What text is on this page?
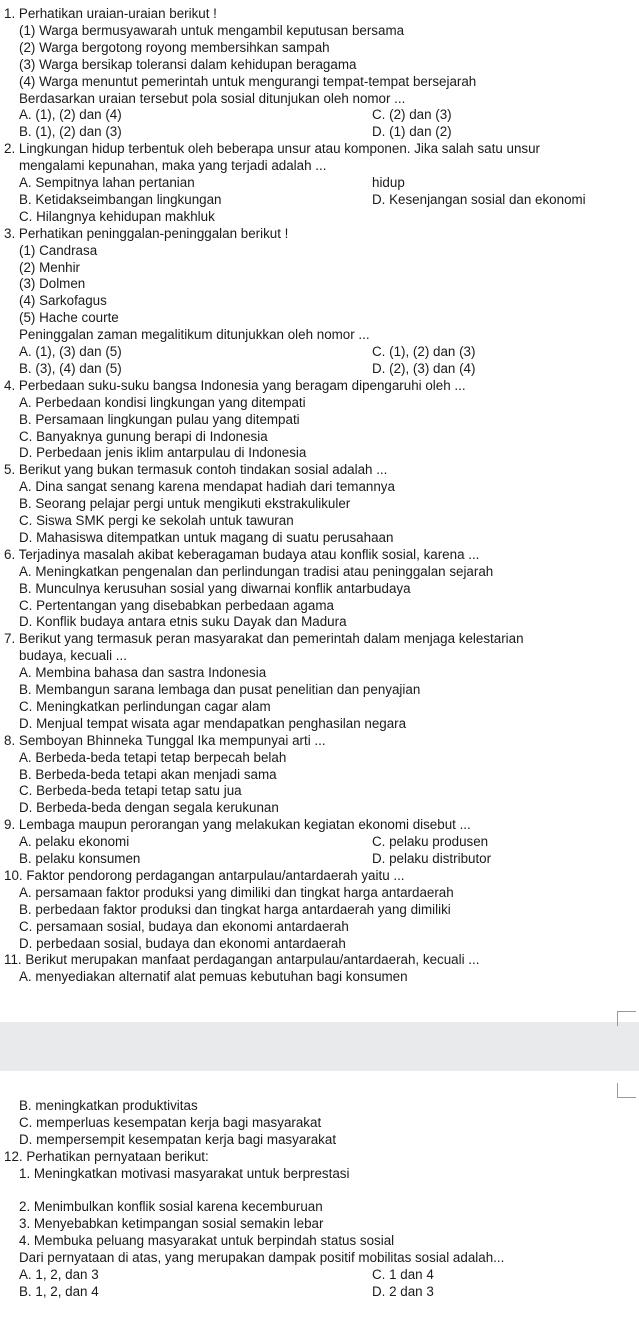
1. Perhatikan uraian-uraian berikut !
(1) Warga bermusyawarah untuk mengambil keputusan bersama
(2) Warga bergotong royong membersihkan sampah
(3) Warga bersikap toleransi dalam kehidupan beragama
(4) Warga menuntut pemerintah untuk mengurangi tempat-tempat bersejarah
Berdasarkan uraian tersebut pola sosial ditunjukan oleh nomor ...
A. (1), (2) dan (4)	C. (2) dan (3)
B. (1), (2) dan (3)	D. (1) dan (2)
2. Lingkungan hidup terbentuk oleh beberapa unsur atau komponen. Jika salah satu unsur
mengalami kepunahan, maka yang terjadi adalah ...
A. Sempitnya lahan pertanian	hidup
B. Ketidakseimbangan lingkungan	D. Kesenjangan sosial dan ekonomi
C. Hilangnya kehidupan makhluk
3. Perhatikan peninggalan-peninggalan berikut !
(1) Candrasa
(2) Menhir
(3) Dolmen
(4) Sarkofagus
(5) Hache courte
Peninggalan zaman megalitikum ditunjukkan oleh nomor ...
A. (1), (3) dan (5)	C. (1), (2) dan (3)
B. (3), (4) dan (5)	D. (2), (3) dan (4)
4. Perbedaan suku-suku bangsa Indonesia yang beragam dipengaruhi oleh ...
A. Perbedaan kondisi lingkungan yang ditempati
B. Persamaan lingkungan pulau yang ditempati
C. Banyaknya gunung berapi di Indonesia
D. Perbedaan jenis iklim antarpulau di Indonesia
5. Berikut yang bukan termasuk contoh tindakan sosial adalah ...
A. Dina sangat senang karena mendapat hadiah dari temannya
B. Seorang pelajar pergi untuk mengikuti ekstrakulikuler
C. Siswa SMK pergi ke sekolah untuk tawuran
D. Mahasiswa ditempatkan untuk magang di suatu perusahaan
6. Terjadinya masalah akibat keberagaman budaya atau konflik sosial, karena ...
A. Meningkatkan pengenalan dan perlindungan tradisi atau peninggalan sejarah
B. Munculnya kerusuhan sosial yang diwarnai konflik antarbudaya
C. Pertentangan yang disebabkan perbedaan agama
D. Konflik budaya antara etnis suku Dayak dan Madura
7. Berikut yang termasuk peran masyarakat dan pemerintah dalam menjaga kelestarian
budaya, kecuali ...
A. Membina bahasa dan sastra Indonesia
B. Membangun sarana lembaga dan pusat penelitian dan penyajian
C. Meningkatkan perlindungan cagar alam
D. Menjual tempat wisata agar mendapatkan penghasilan negara
8. Semboyan Bhinneka Tunggal Ika mempunyai arti ...
A. Berbeda-beda tetapi tetap berpecah belah
B. Berbeda-beda tetapi akan menjadi sama
C. Berbeda-beda tetapi tetap satu jua
D. Berbeda-beda dengan segala kerukunan
9. Lembaga maupun perorangan yang melakukan kegiatan ekonomi disebut ...
A. pelaku ekonomi	C. pelaku produsen
B. pelaku konsumen	D. pelaku distributor
10. Faktor pendorong perdagangan antarpulau/antardaerah yaitu ...
A. persamaan faktor produksi yang dimiliki dan tingkat harga antardaerah
B. perbedaan faktor produksi dan tingkat harga antardaerah yang dimiliki
C. persamaan sosial, budaya dan ekonomi antardaerah
D. perbedaan sosial, budaya dan ekonomi antardaerah
11. Berikut merupakan manfaat perdagangan antarpulau/antardaerah, kecuali ...
A. menyediakan alternatif alat pemuas kebutuhan bagi konsumen
B. meningkatkan produktivitas
C. memperluas kesempatan kerja bagi masyarakat
D. mempersempit kesempatan kerja bagi masyarakat
12. Perhatikan pernyataan berikut:
1. Meningkatkan motivasi masyarakat untuk berprestasi
2. Menimbulkan konflik sosial karena kecemburuan
3. Menyebabkan ketimpangan sosial semakin lebar
4. Membuka peluang masyarakat untuk berpindah status sosial
Dari pernyataan di atas, yang merupakan dampak positif mobilitas sosial adalah...
A. 1, 2, dan 3	C. 1 dan 4
B. 1, 2, dan 4	D. 2 dan 3
